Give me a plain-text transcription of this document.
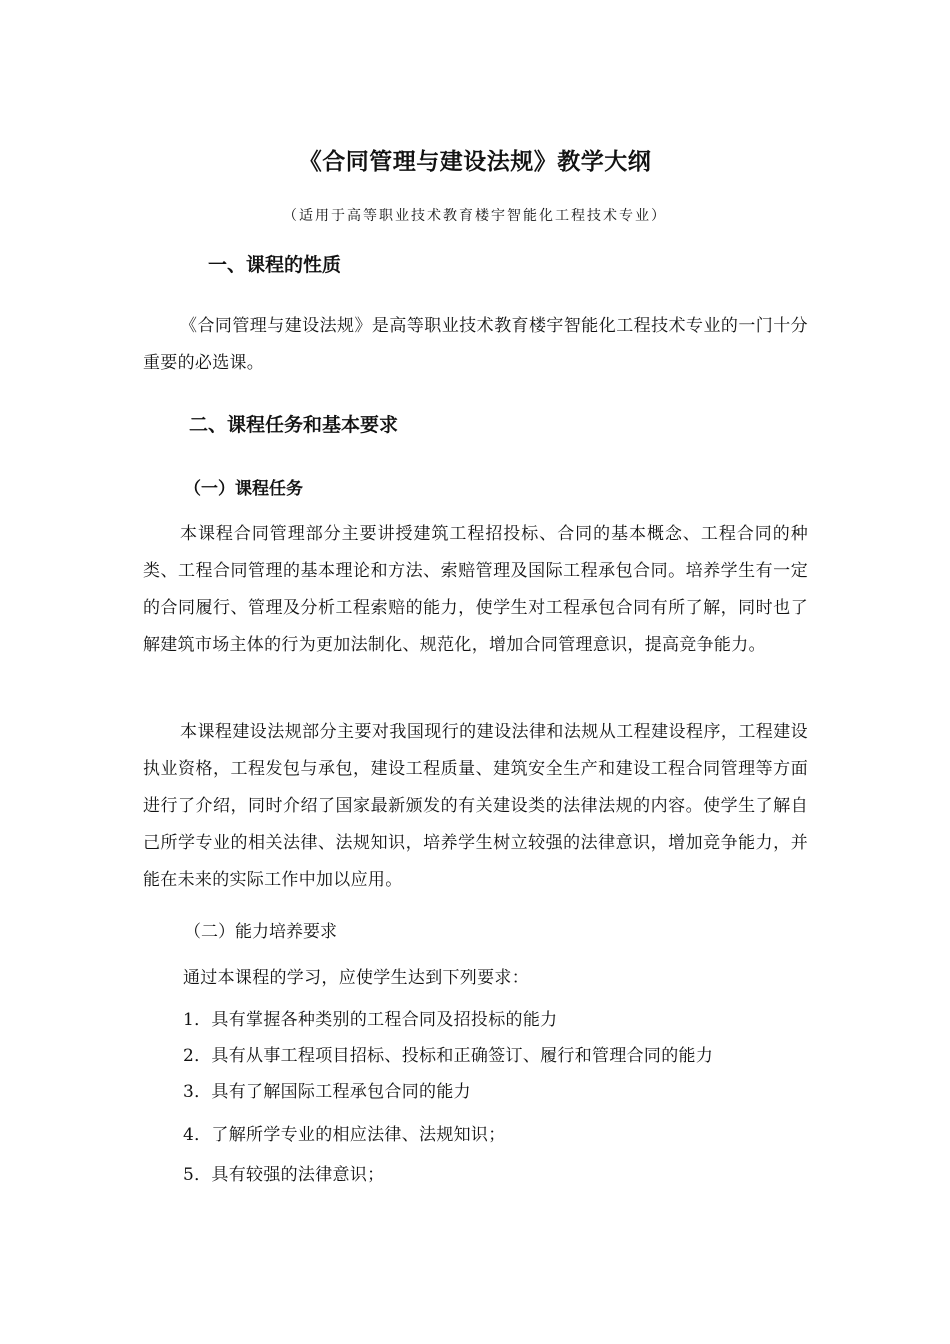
《合同管理与建设法规》教学大纲
（适用于高等职业技术教育楼宇智能化工程技术专业）
一、课程的性质
《合同管理与建设法规》是高等职业技术教育楼宇智能化工程技术专业的一门十分重要的必选课。
二、课程任务和基本要求
（一）课程任务
本课程合同管理部分主要讲授建筑工程招投标、合同的基本概念、工程合同的种类、工程合同管理的基本理论和方法、索赔管理及国际工程承包合同。培养学生有一定的合同履行、管理及分析工程索赔的能力，使学生对工程承包合同有所了解，同时也了解建筑市场主体的行为更加法制化、规范化，增加合同管理意识，提高竞争能力。
本课程建设法规部分主要对我国现行的建设法律和法规从工程建设程序，工程建设执业资格，工程发包与承包，建设工程质量、建筑安全生产和建设工程合同管理等方面进行了介绍，同时介绍了国家最新颁发的有关建设类的法律法规的内容。使学生了解自己所学专业的相关法律、法规知识，培养学生树立较强的法律意识，增加竞争能力，并能在未来的实际工作中加以应用。
（二）能力培养要求
通过本课程的学习，应使学生达到下列要求：
1．具有掌握各种类别的工程合同及招投标的能力
2．具有从事工程项目招标、投标和正确签订、履行和管理合同的能力
3．具有了解国际工程承包合同的能力
4．了解所学专业的相应法律、法规知识；
5．具有较强的法律意识；
